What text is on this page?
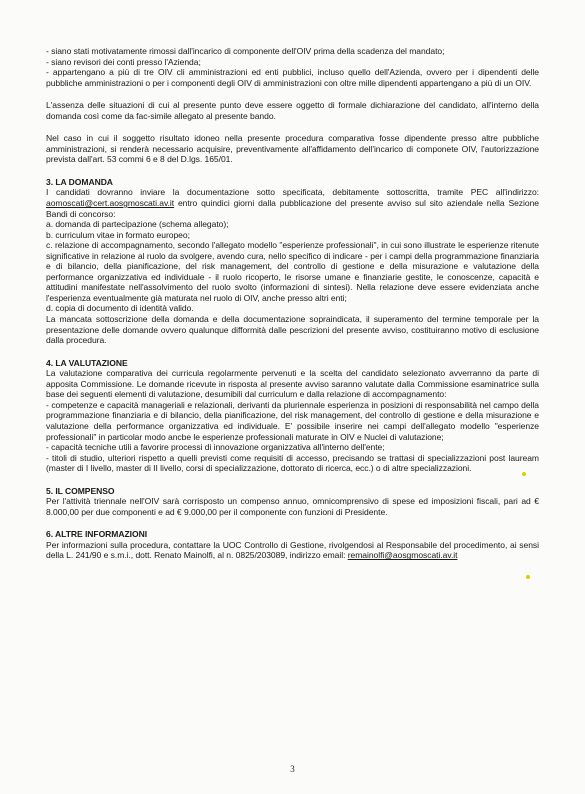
- siano stati motivatamente rimossi dall'incarico di componente dell'OIV prima della scadenza del mandato;
- siano revisori dei conti presso l'Azienda;
- appartengano a più di tre OIV cli amministrazioni ed enti pubblici, incluso quello dell'Azienda, ovvero per i dipendenti delle pubbliche amministrazioni o per i componenti degli OIV di amministrazioni con oltre mille dipendenti appartengano a più di un OIV.

L'assenza delle situazioni di cui al presente punto deve essere oggetto di formale dichiarazione del candidato, all'interno della domanda così come da fac-simile allegato al presente bando.

Nel caso in cui il soggetto risultato idoneo nella presente procedura comparativa fosse dipendente presso altre pubbliche amministrazioni, si renderà necessario acquisire, preventivamente all'affidamento dell'incarico di componete OIV, l'autorizzazione prevista dall'art. 53 commi 6 e 8 del D.lgs. 165/01.

3. LA DOMANDA

I candidati dovranno inviare la documentazione sotto specificata, debitamente sottoscritta, tramite PEC all'indirizzo: aomoscati@cert.aosgmoscati.av.it entro quindici giorni dalla pubblicazione del presente avviso sul sito aziendale nella Sezione Bandi di concorso:

a. domanda di partecipazione (schema allegato);
b. curriculum vitae in formato europeo;
c. relazione di accompagnamento, secondo l'allegato modello "esperienze professionali", in cui sono illustrate le esperienze ritenute significative in relazione al ruolo da svolgere, avendo cura, nello specifico di indicare - per i campi della programmazione finanziaria e di bilancio, della pianificazione, del risk management, del controllo di gestione e della misurazione e valutazione della performance organizzativa ed individuale - il ruolo ricoperto, le risorse umane e finanziarie gestite, le conoscenze, capacità e attitudini manifestate nell'assolvimento del ruolo svolto (informazioni di sintesi). Nella relazione deve essere evidenziata anche l'esperienza eventualmente già maturata nel ruolo di OIV, anche presso altri enti;
d. copia di documento di identità valido.

La mancata sottoscrizione della domanda e della documentazione sopraindicata, il superamento del termine temporale per la presentazione delle domande ovvero qualunque difformità dalle pescrizioni del presente avviso, costituiranno motivo di esclusione dalla procedura.

4. LA VALUTAZIONE

La valutazione comparativa dei curricula regolarmente pervenuti e la scelta del candidato selezionato avverranno da parte di apposita Commissione. Le domande ricevute in risposta al presente avviso saranno valutate dalla Commissione esaminatrice sulla base dei seguenti elementi di valutazione, desumibili dal curriculum e dalla relazione di accompagnamento:

- competenze e capacità manageriali e relazionali, derivanti da pluriennale esperienza in posizioni di responsabilità nel campo della programmazione finanziaria e di bilancio, della pianificazione, del risk management, del controllo di gestione e della misurazione e valutazione della performance organizzativa ed individuale. E' possibile inserire nei campi dell'allegato modello "esperienze professionali" in particolar modo ancbe le esperienze professionali maturate in OIV e Nuclei di valutazione;
- capacità tecniche utili a favorire processi di innovazione organizzativa all'interno dell'ente;
- titoli di studio, ulteriori rispetto a quelli previsti come requisiti di accesso, precisando se trattasi di specializzazioni post lauream (master di I livello, master di II livello, corsi di specializzazione, dottorato di ricerca, ecc.) o di altre specializzazioni.

5. IL COMPENSO

Per l'attività triennale nell'OIV sarà corrisposto un compenso annuo, omnicomprensivo di spese ed imposizioni fiscali, pari ad € 8.000,00 per due componenti e ad € 9.000,00 per il componente con funzioni di Presidente.

6. ALTRE INFORMAZIONI

Per informazioni sulla procedura, contattare la UOC Controllo di Gestione, rivolgendosi al Responsabile del procedimento, ai sensi della L. 241/90 e s.m.i., dott. Renato Mainolfi, al n. 0825/203089, indirizzo email: remainolfi@aosgmoscati.av.it

3
